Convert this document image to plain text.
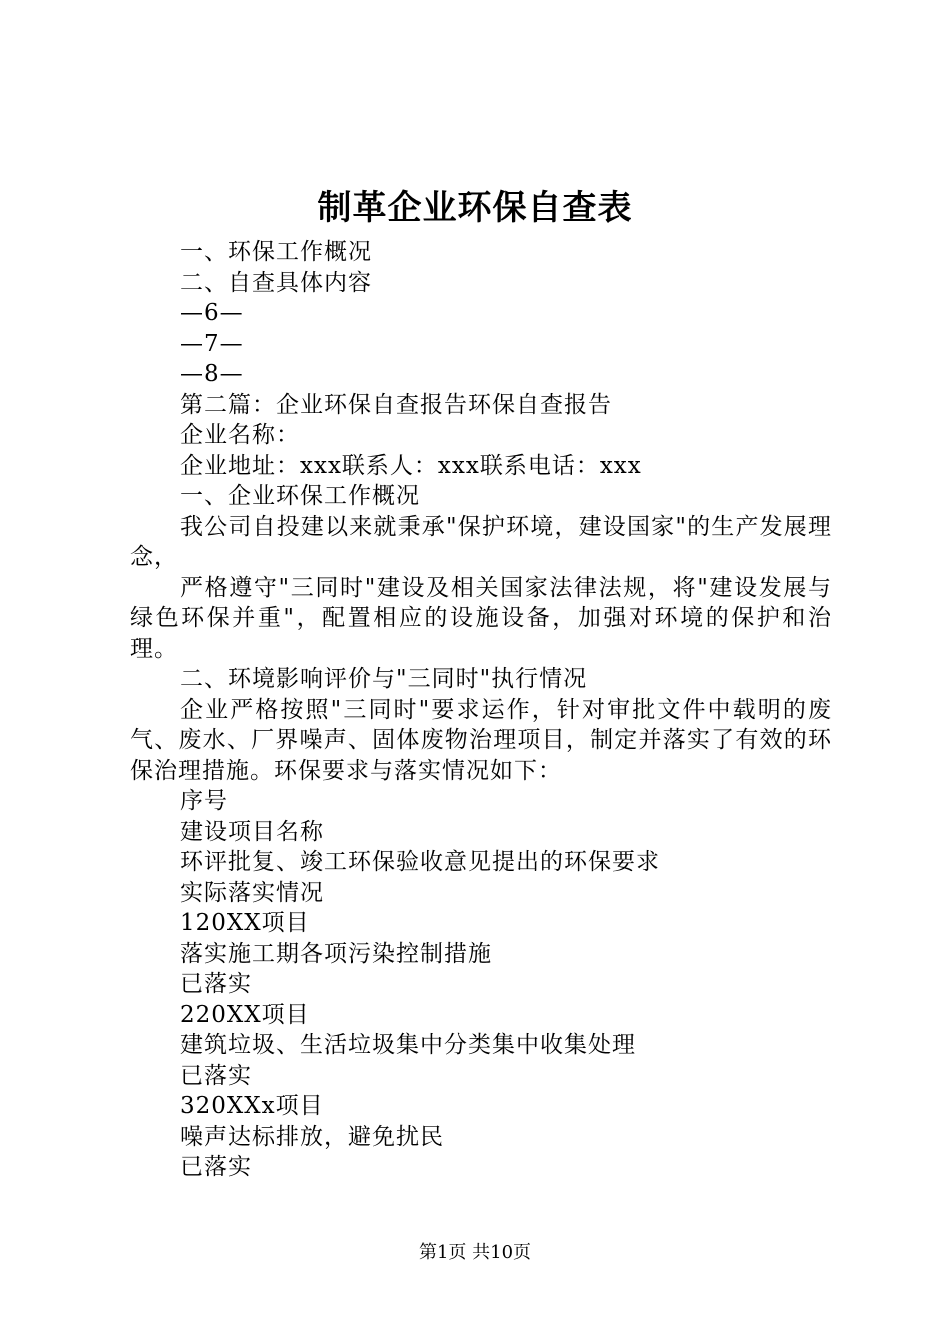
制革企业环保自查表

一、环保工作概况

二、自查具体内容

—6—

—7—

—8—

第二篇：企业环保自查报告环保自查报告

企业名称：

企业地址：xxx联系人：xxx联系电话：xxx

一、企业环保工作概况

我公司自投建以来就秉承"保护环境，建设国家"的生产发展理念，

严格遵守"三同时"建设及相关国家法律法规，将"建设发展与绿色环保并重"，配置相应的设施设备，加强对环境的保护和治理。

二、环境影响评价与"三同时"执行情况

企业严格按照"三同时"要求运作，针对审批文件中载明的废气、废水、厂界噪声、固体废物治理项目，制定并落实了有效的环保治理措施。环保要求与落实情况如下：

序号

建设项目名称

环评批复、竣工环保验收意见提出的环保要求

实际落实情况

120XX项目

落实施工期各项污染控制措施

已落实

220XX项目

建筑垃圾、生活垃圾集中分类集中收集处理

已落实

320XXx项目

噪声达标排放，避免扰民

已落实

第1页 共10页
